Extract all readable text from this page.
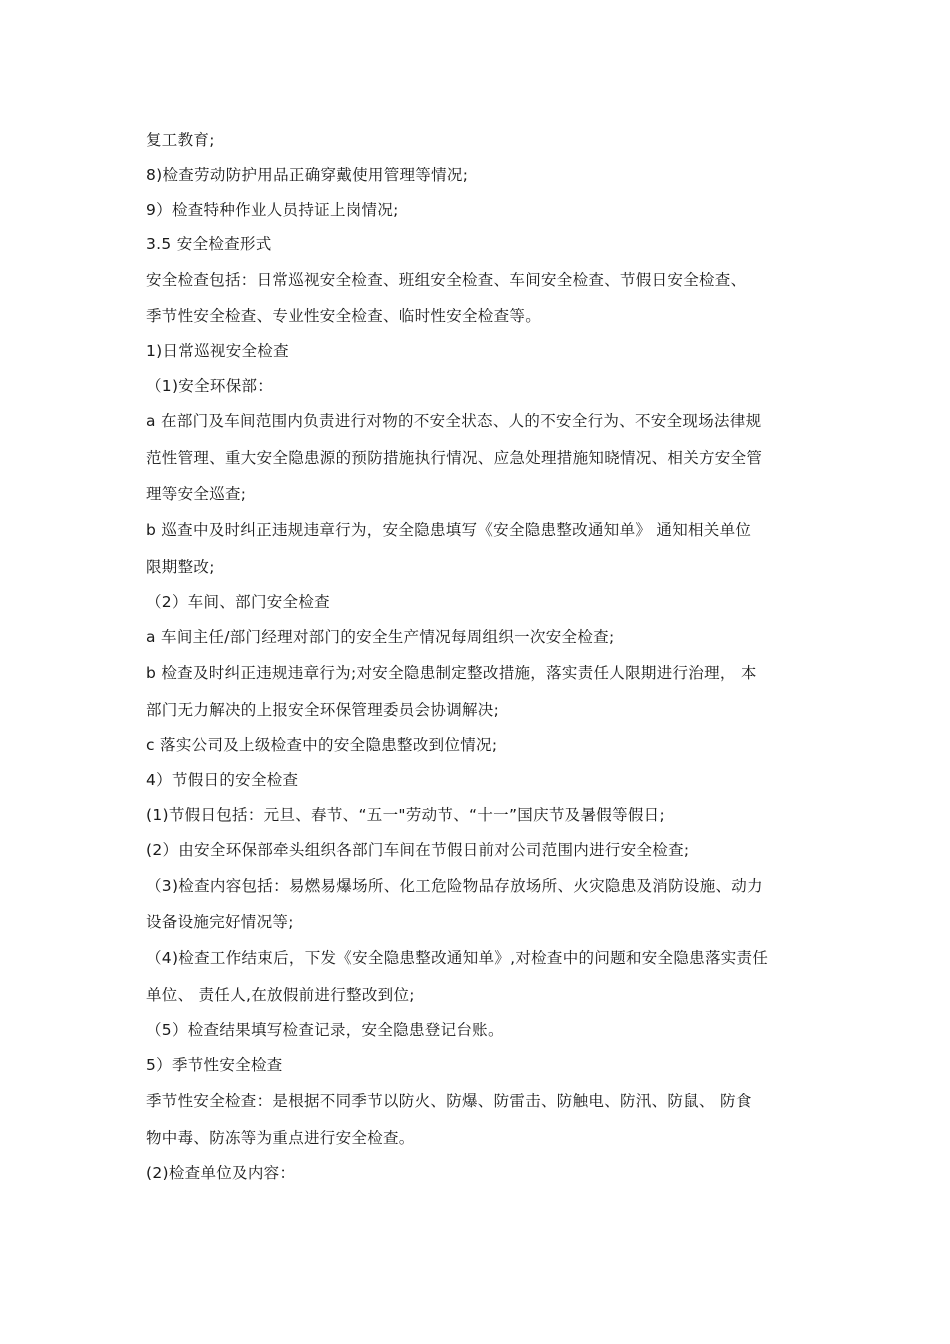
复工教育;
8)检查劳动防护用品正确穿戴使用管理等情况;
9）检查特种作业人员持证上岗情况;
3.5 安全检查形式
安全检查包括：日常巡视安全检查、班组安全检查、车间安全检查、节假日安全检查、
季节性安全检查、专业性安全检查、临时性安全检查等。
1)日常巡视安全检查
（1)安全环保部：
a 在部门及车间范围内负责进行对物的不安全状态、人的不安全行为、不安全现场法律规
范性管理、重大安全隐患源的预防措施执行情况、应急处理措施知晓情况、相关方安全管
理等安全巡查;
b 巡查中及时纠正违规违章行为，安全隐患填写《安全隐患整改通知单》 通知相关单位
限期整改;
（2）车间、部门安全检查
a 车间主任/部门经理对部门的安全生产情况每周组织一次安全检查;
b 检查及时纠正违规违章行为;对安全隐患制定整改措施，落实责任人限期进行治理， 本
部门无力解决的上报安全环保管理委员会协调解决;
c 落实公司及上级检查中的安全隐患整改到位情况;
4）节假日的安全检查
(1)节假日包括：元旦、春节、“五一"劳动节、“十一”国庆节及暑假等假日;
(2）由安全环保部牵头组织各部门车间在节假日前对公司范围内进行安全检查;
（3)检查内容包括：易燃易爆场所、化工危险物品存放场所、火灾隐患及消防设施、动力
设备设施完好情况等;
（4)检查工作结束后，下发《安全隐患整改通知单》,对检查中的问题和安全隐患落实责任
单位、 责任人,在放假前进行整改到位;
（5）检查结果填写检查记录，安全隐患登记台账。
5）季节性安全检查
季节性安全检查：是根据不同季节以防火、防爆、防雷击、防触电、防汛、防鼠、 防食
物中毒、防冻等为重点进行安全检查。
(2)检查单位及内容：
